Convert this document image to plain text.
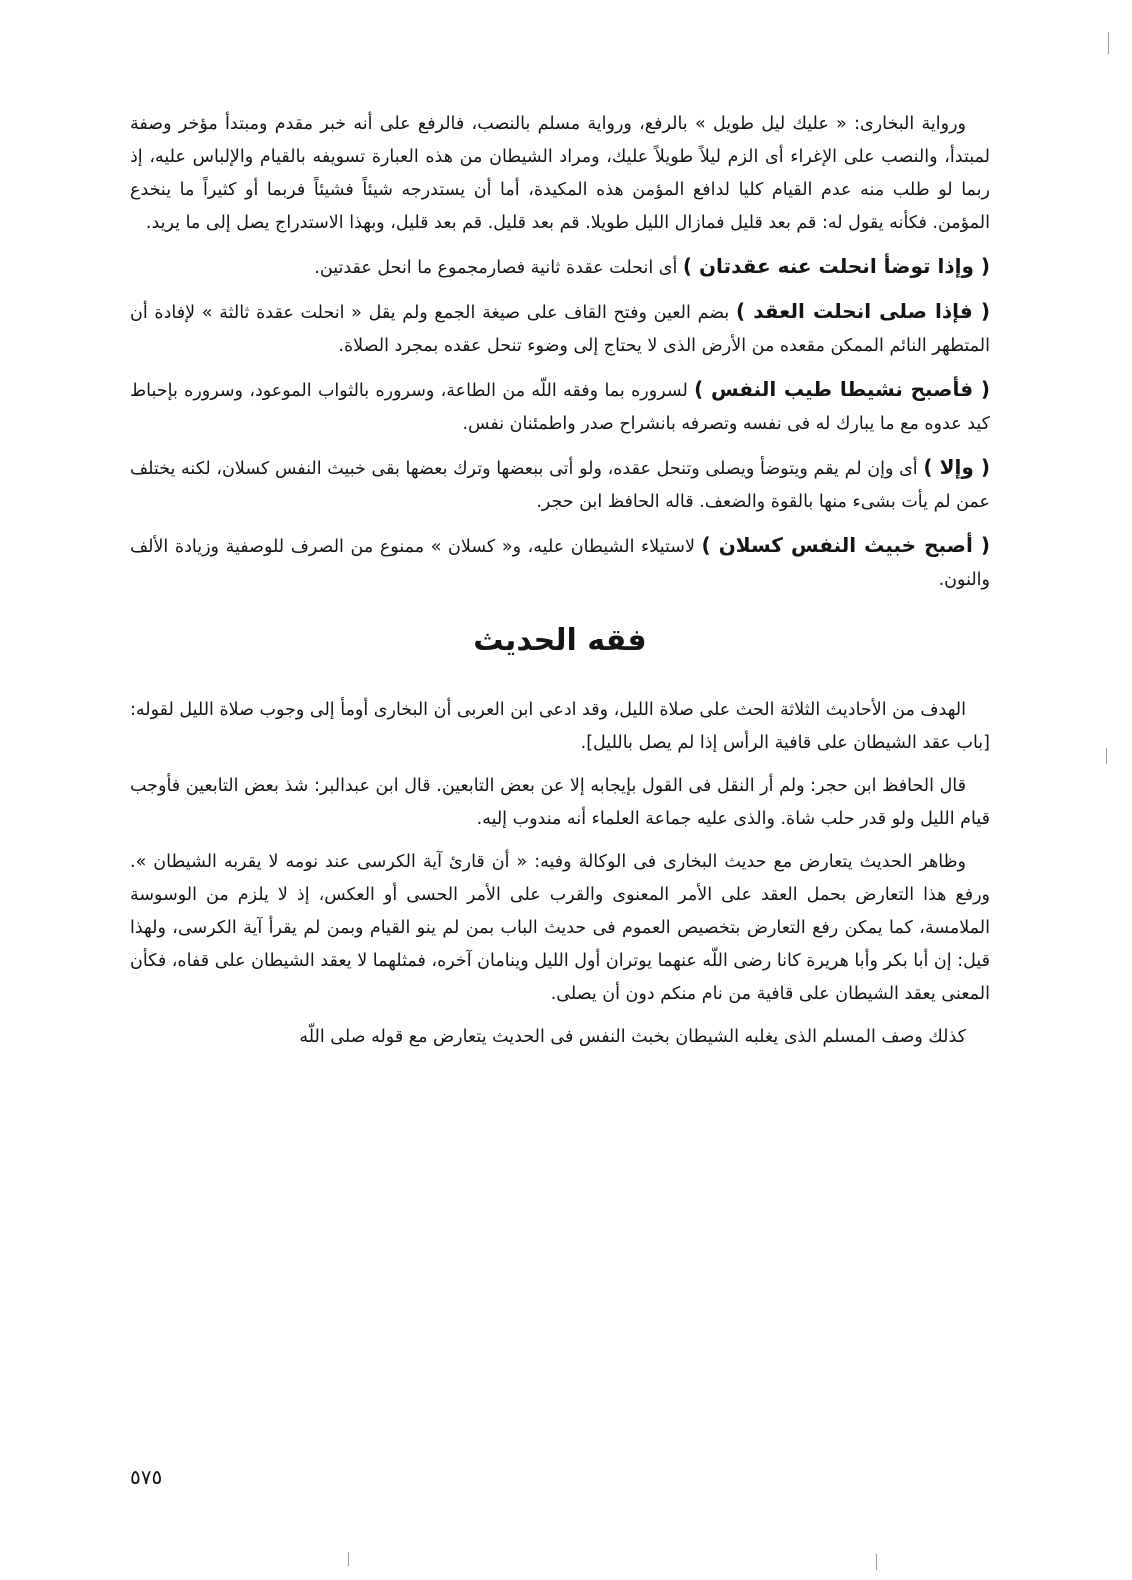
ورواية البخارى: « عليك ليل طويل » بالرفع، ورواية مسلم بالنصب، فالرفع على أنه خبر مقدم ومبتدأ مؤخر وصفة لمبتدأ، والنصب على الإغراء أى الزم ليلاً طويلاً عليك، ومراد الشيطان من هذه العبارة تسويفه بالقيام والإلباس عليه، إذ ربما لو طلب منه عدم القيام كليا لدافع المؤمن هذه المكيدة، أما أن يستدرجه شيئاً فشيئاً فربما أو كثيراً ما ينخدع المؤمن. فكأنه يقول له: قم بعد قليل فمازال الليل طويلا. قم بعد قليل. قم بعد قليل، وبهذا الاستدراج يصل إلى ما يريد.

( وإذا توضأ انحلت عنه عقدتان ) أى انحلت عقدة ثانية فصارمجموع ما انحل عقدتين.

( فإذا صلى انحلت العقد ) بضم العين وفتح القاف على صيغة الجمع ولم يقل « انحلت عقدة ثالثة » لإفادة أن المتطهر النائم الممكن مقعده من الأرض الذى لا يحتاج إلى وضوء تنحل عقده بمجرد الصلاة.

( فأصبح نشيطا طيب النفس ) لسروره بما وفقه اللّه من الطاعة، وسروره بالثواب الموعود، وسروره بإحباط كيد عدوه مع ما يبارك له فى نفسه وتصرفه بانشراح صدر واطمئنان نفس.

( وإلا ) أى وإن لم يقم ويتوضأ ويصلى وتنحل عقده، ولو أتى ببعضها وترك بعضها بقى خبيث النفس كسلان، لكنه يختلف عمن لم يأت بشىء منها بالقوة والضعف. قاله الحافظ ابن حجر.

( أصبح خبيث النفس كسلان ) لاستيلاء الشيطان عليه، و« كسلان » ممنوع من الصرف للوصفية وزيادة الألف والنون.

فقه الحديث

الهدف من الأحاديث الثلاثة الحث على صلاة الليل، وقد ادعى ابن العربى أن البخارى أومأ إلى وجوب صلاة الليل لقوله: [باب عقد الشيطان على قافية الرأس إذا لم يصل بالليل].

قال الحافظ ابن حجر: ولم أر النقل فى القول بإيجابه إلا عن بعض التابعين. قال ابن عبدالبر: شذ بعض التابعين فأوجب قيام الليل ولو قدر حلب شاة. والذى عليه جماعة العلماء أنه مندوب إليه.

وظاهر الحديث يتعارض مع حديث البخارى فى الوكالة وفيه: « أن قارئ آية الكرسى عند نومه لا يقربه الشيطان ». ورفع هذا التعارض بحمل العقد على الأمر المعنوى والقرب على الأمر الحسى أو العكس، إذ لا يلزم من الوسوسة الملامسة، كما يمكن رفع التعارض بتخصيص العموم فى حديث الباب بمن لم ينو القيام وبمن لم يقرأ آية الكرسى، ولهذا قيل: إن أبا بكر وأبا هريرة كانا رضى اللّه عنهما يوتران أول الليل وينامان آخره، فمثلهما لا يعقد الشيطان على قفاه، فكأن المعنى يعقد الشيطان على قافية من نام منكم دون أن يصلى.

كذلك وصف المسلم الذى يغلبه الشيطان بخبث النفس فى الحديث يتعارض مع قوله صلى اللّه

٥٧٥
